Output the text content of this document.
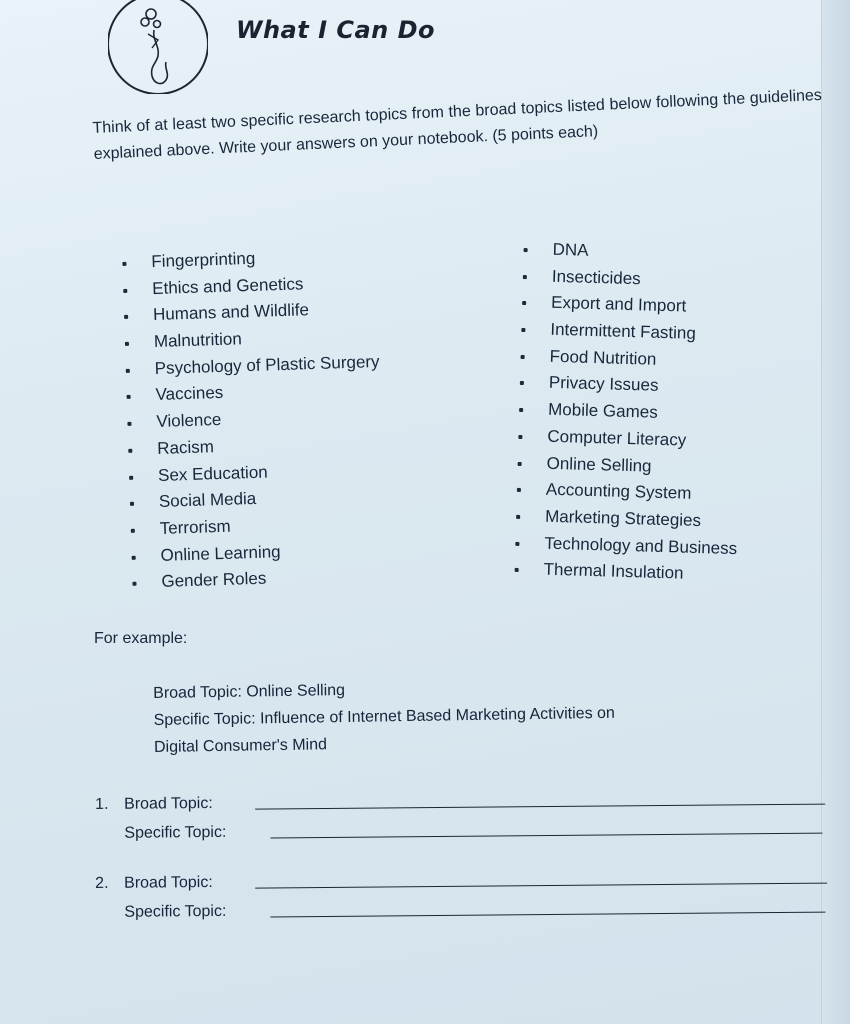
What I Can Do

Think of at least two specific research topics from the broad topics listed below following the guidelines explained above. Write your answers on your notebook. (5 points each)

Fingerprinting
Ethics and Genetics
Humans and Wildlife
Malnutrition
Psychology of Plastic Surgery
Vaccines
Violence
Racism
Sex Education
Social Media
Terrorism
Online Learning
Gender Roles
DNA
Insecticides
Export and Import
Intermittent Fasting
Food Nutrition
Privacy Issues
Mobile Games
Computer Literacy
Online Selling
Accounting System
Marketing Strategies
Technology and Business
Thermal Insulation
For example:
Broad Topic: Online Selling
Specific Topic: Influence of Internet Based Marketing Activities on
Digital Consumer's Mind
1. Broad Topic:
Specific Topic:
2. Broad Topic:
Specific Topic:
